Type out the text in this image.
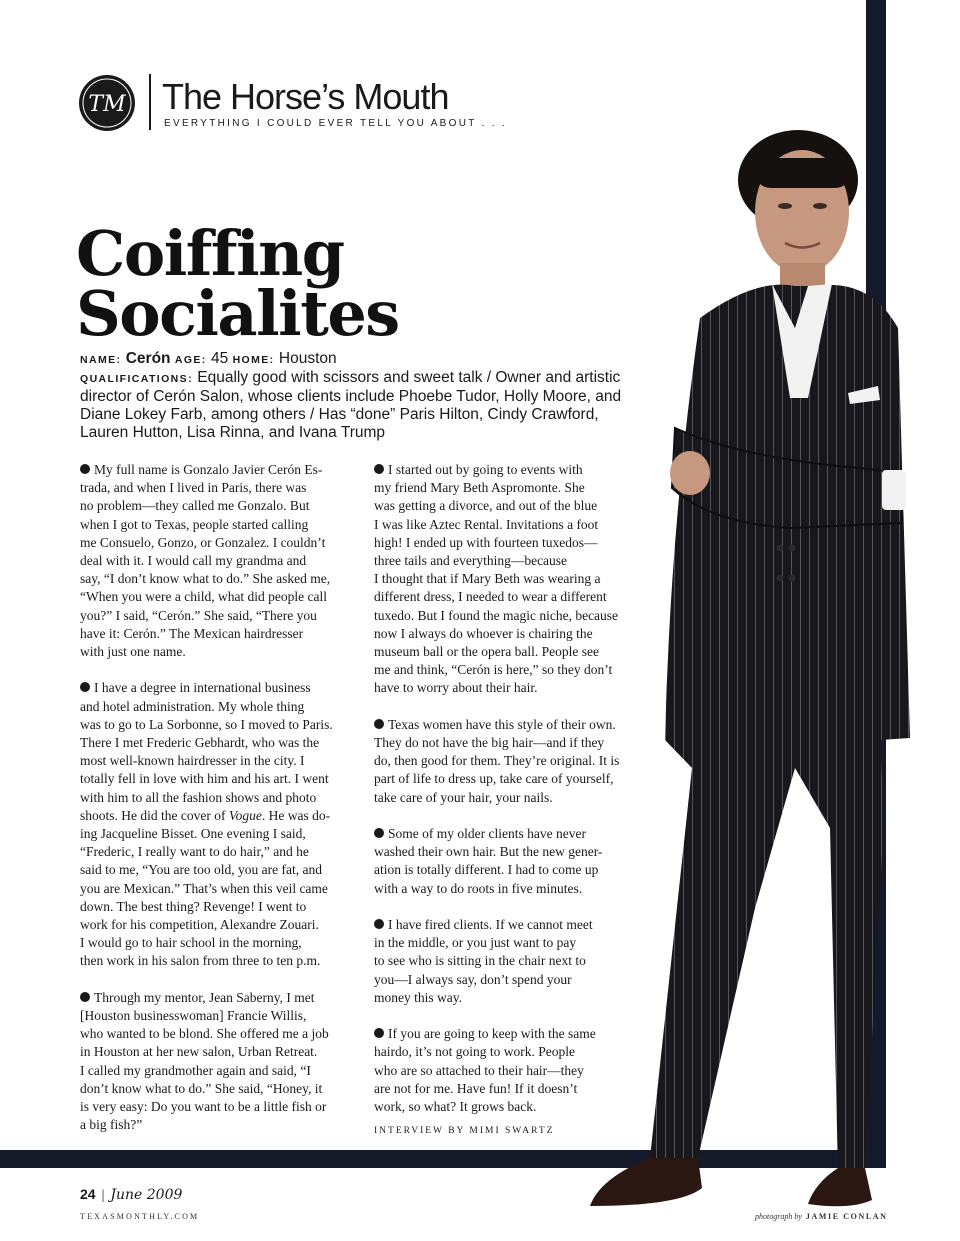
TM The Horse’s Mouth
EVERYTHING I COULD EVER TELL YOU ABOUT . . .
Coiffing
Socialites

NAME: Cerón AGE: 45 HOME: Houston

QUALIFICATIONS: Equally good with scissors and sweet talk / Owner and artistic director of Cerón Salon, whose clients include Phoebe Tudor, Holly Moore, and Diane Lokey Farb, among others / Has “done” Paris Hilton, Cindy Crawford, Lauren Hutton, Lisa Rinna, and Ivana Trump

My full name is Gonzalo Javier Cerón Es-
trada, and when I lived in Paris, there was
no problem—they called me Gonzalo. But
when I got to Texas, people started calling
me Consuelo, Gonzo, or Gonzalez. I couldn’t
deal with it. I would call my grandma and
say, “I don’t know what to do.” She asked me,
“When you were a child, what did people call
you?” I said, “Cerón.” She said, “There you
have it: Cerón.” The Mexican hairdresser
with just one name.

I have a degree in international business
and hotel administration. My whole thing
was to go to La Sorbonne, so I moved to Paris.
There I met Frederic Gebhardt, who was the
most well-known hairdresser in the city. I
totally fell in love with him and his art. I went
with him to all the fashion shows and photo
shoots. He did the cover of Vogue. He was do-
ing Jacqueline Bisset. One evening I said,
“Frederic, I really want to do hair,” and he
said to me, “You are too old, you are fat, and
you are Mexican.” That’s when this veil came
down. The best thing? Revenge! I went to
work for his competition, Alexandre Zouari.
I would go to hair school in the morning,
then work in his salon from three to ten p.m.

Through my mentor, Jean Saberny, I met
[Houston businesswoman] Francie Willis,
who wanted to be blond. She offered me a job
in Houston at her new salon, Urban Retreat.
I called my grandmother again and said, “I
don’t know what to do.” She said, “Honey, it
is very easy: Do you want to be a little fish or
a big fish?”

I started out by going to events with
my friend Mary Beth Aspromonte. She
was getting a divorce, and out of the blue
I was like Aztec Rental. Invitations a foot
high! I ended up with fourteen tuxedos—
three tails and everything—because
I thought that if Mary Beth was wearing a
different dress, I needed to wear a different
tuxedo. But I found the magic niche, because
now I always do whoever is chairing the
museum ball or the opera ball. People see
me and think, “Cerón is here,” so they don’t
have to worry about their hair.

Texas women have this style of their own.
They do not have the big hair—and if they
do, then good for them. They’re original. It is
part of life to dress up, take care of yourself,
take care of your hair, your nails.

Some of my older clients have never
washed their own hair. But the new gener-
ation is totally different. I had to come up
with a way to do roots in five minutes.

I have fired clients. If we cannot meet
in the middle, or you just want to pay
to see who is sitting in the chair next to
you—I always say, don’t spend your
money this way.

If you are going to keep with the same
hairdo, it’s not going to work. People
who are so attached to their hair—they
are not for me. Have fun! If it doesn’t
work, so what? It grows back.

INTERVIEW BY MIMI SWARTZ
24 | June 2009
TEXASMONTHLY.COM	photograph by JAMIE CONLAN
